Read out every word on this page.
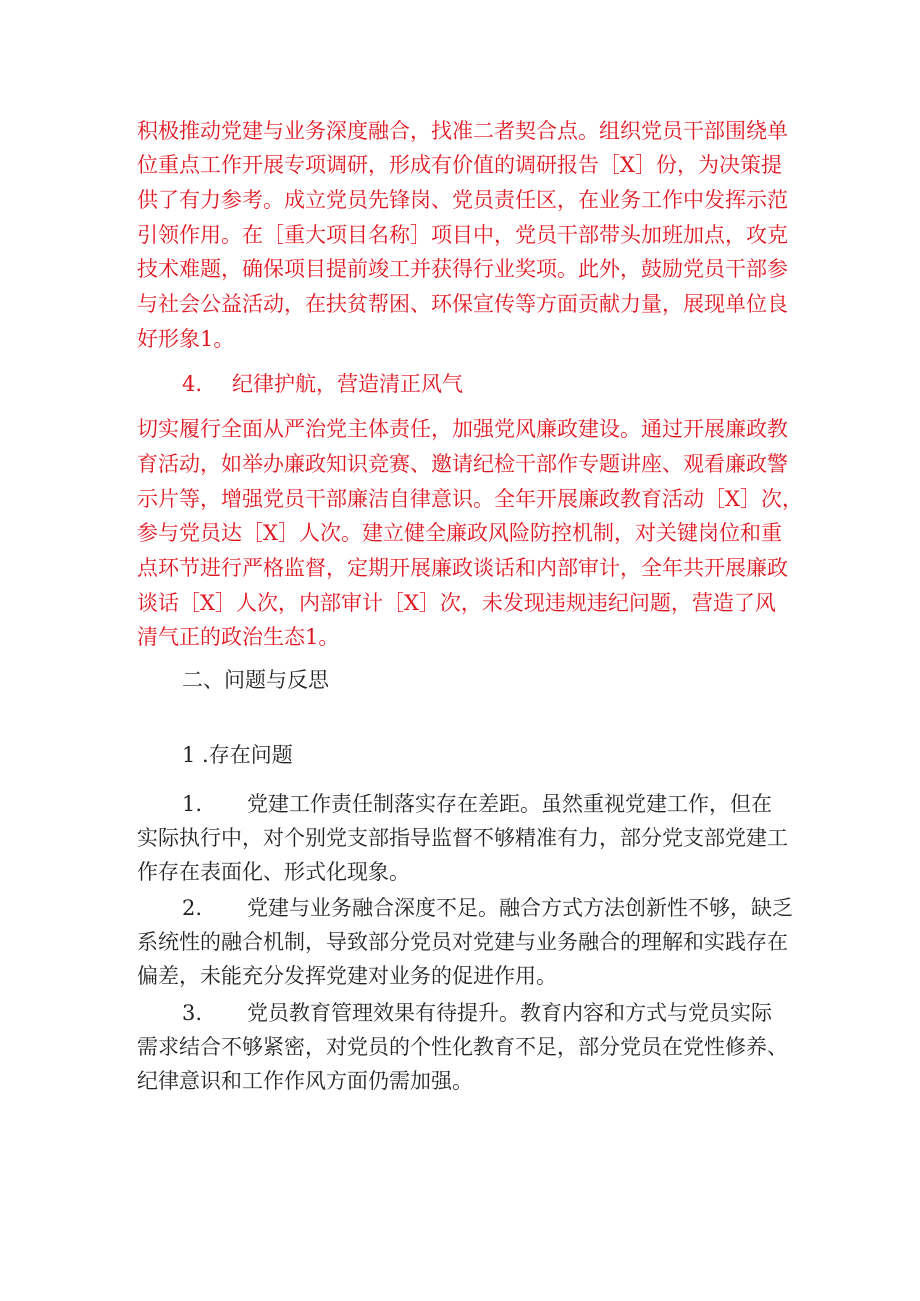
积极推动党建与业务深度融合，找准二者契合点。组织党员干部围绕单
位重点工作开展专项调研，形成有价值的调研报告［X］份，为决策提
供了有力参考。成立党员先锋岗、党员责任区，在业务工作中发挥示范
引领作用。在［重大项目名称］项目中，党员干部带头加班加点，攻克
技术难题，确保项目提前竣工并获得行业奖项。此外，鼓励党员干部参
与社会公益活动，在扶贫帮困、环保宣传等方面贡献力量，展现单位良
好形象1。
4. 纪律护航，营造清正风气
切实履行全面从严治党主体责任，加强党风廉政建设。通过开展廉政教
育活动，如举办廉政知识竞赛、邀请纪检干部作专题讲座、观看廉政警
示片等，增强党员干部廉洁自律意识。全年开展廉政教育活动［X］次，
参与党员达［X］人次。建立健全廉政风险防控机制，对关键岗位和重
点环节进行严格监督，定期开展廉政谈话和内部审计，全年共开展廉政
谈话［X］人次，内部审计［X］次，未发现违规违纪问题，营造了风
清气正的政治生态1。
二、问题与反思
1 .存在问题
1. 党建工作责任制落实存在差距。虽然重视党建工作，但在
实际执行中，对个别党支部指导监督不够精准有力，部分党支部党建工
作存在表面化、形式化现象。
2. 党建与业务融合深度不足。融合方式方法创新性不够，缺乏
系统性的融合机制，导致部分党员对党建与业务融合的理解和实践存在
偏差，未能充分发挥党建对业务的促进作用。
3. 党员教育管理效果有待提升。教育内容和方式与党员实际
需求结合不够紧密，对党员的个性化教育不足，部分党员在党性修养、
纪律意识和工作作风方面仍需加强。
